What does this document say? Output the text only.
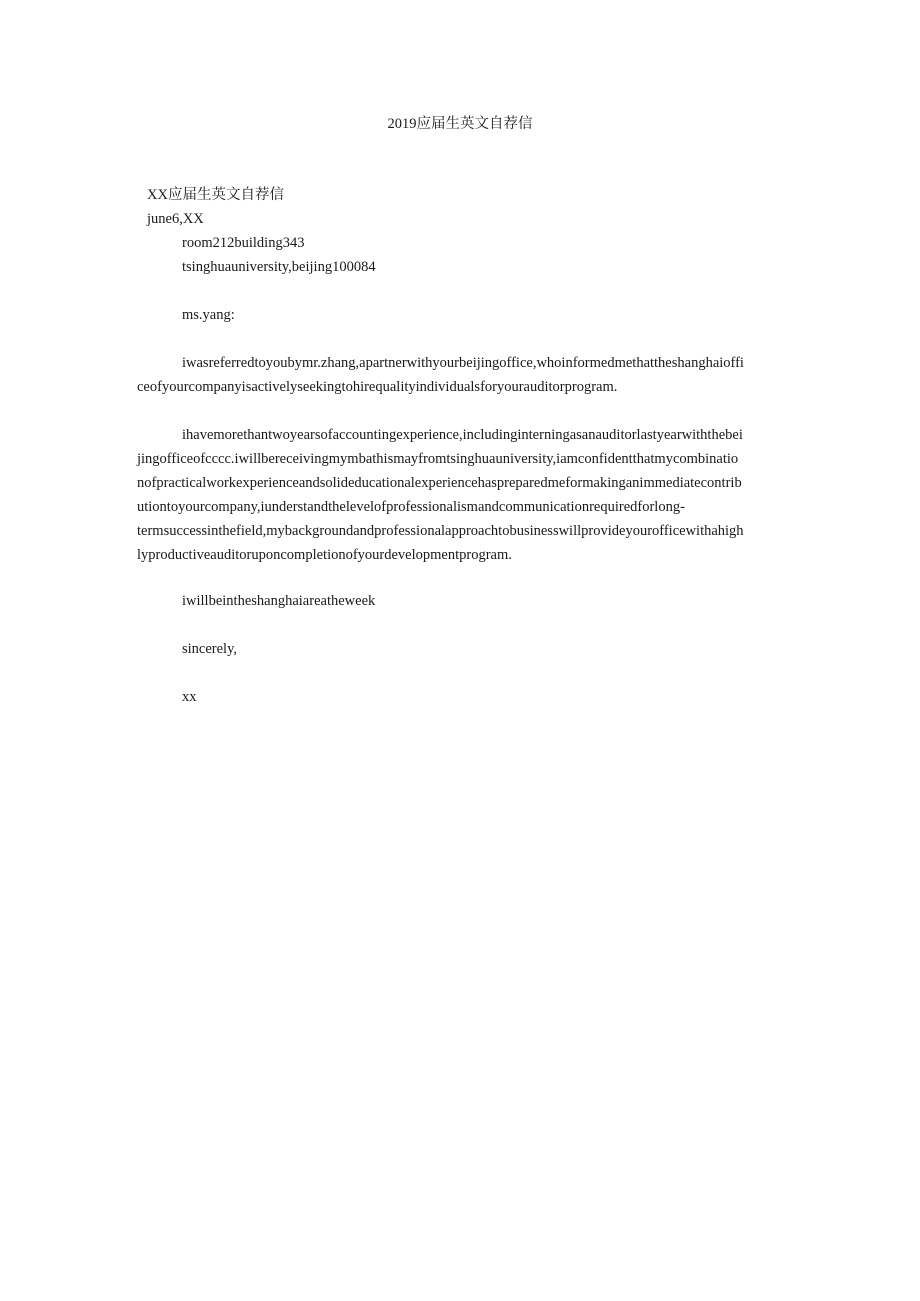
2019应届生英文自荐信
XX应届生英文自荐信
june6,XX
room212building343
tsinghuauniversity,beijing100084
ms.yang:
iwasreferredtoyoubymr.zhang,apartnerwithyourbeijingoffice,whoinformedmethattheshanghaioffi
ceofyourcompanyisactivelyseekingtohirequalityindividualsforyourauditorprogram.
ihavemorethantwoyearsofaccountingexperience,includinginterningasanauditorlastyearwiththebei
jingofficeofcccc.iwillbereceivingmymbathismayfromtsinghuauniversity,iamconfidentthatmycombinatio
nofpracticalworkexperienceandsolideducationalexperiencehaspreparedmeformakinganimmediatecontrib
utiontoyourcompany,iunderstandthelevelofprofessionalismandcommunicationrequiredforlong-
termsuccessinthefield,mybackgroundandprofessionalapproachtobusinesswillprovideyourofficewithahigh
lyproductiveauditoruponcompletionofyourdevelopmentprogram.
iwillbeintheshanghaiareatheweek
sincerely,
xx
